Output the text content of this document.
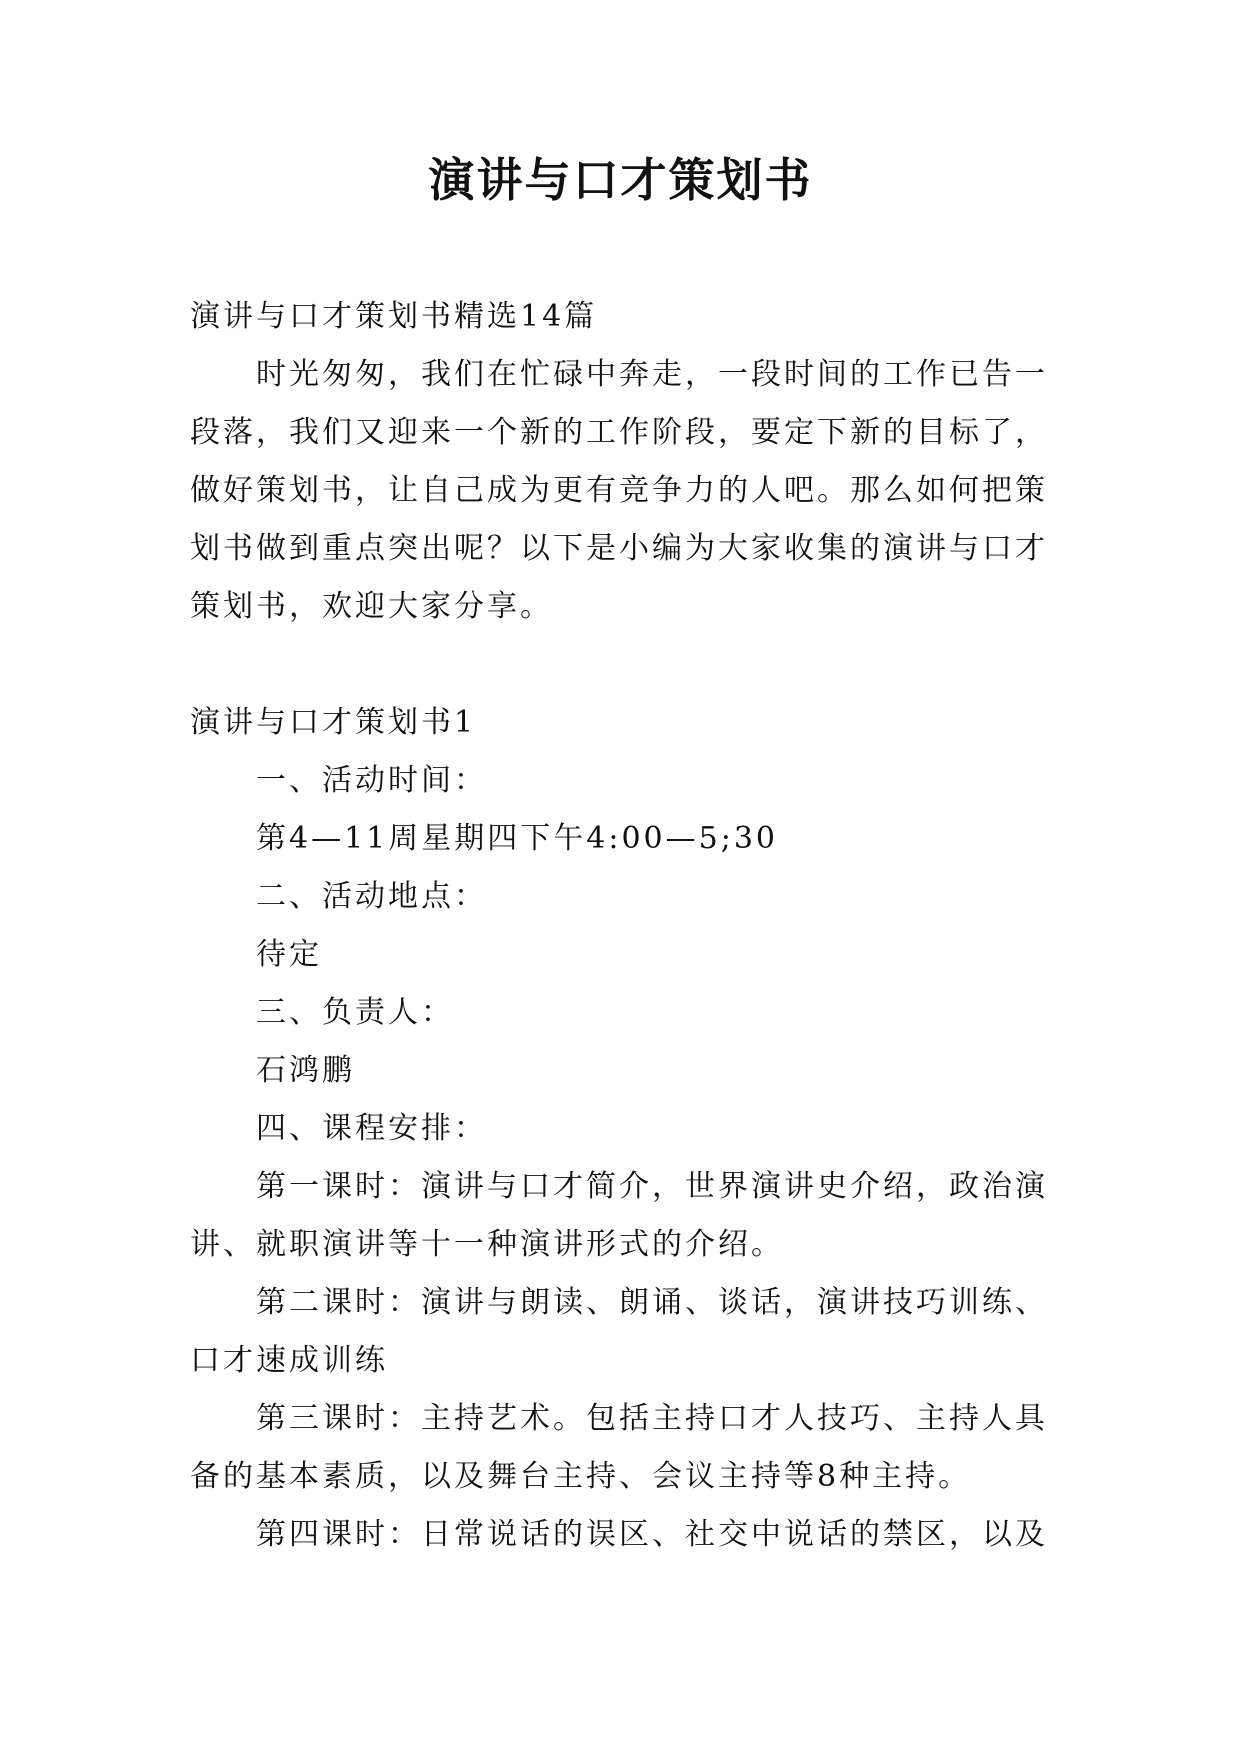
演讲与口才策划书

演讲与口才策划书精选14篇

时光匆匆，我们在忙碌中奔走，一段时间的工作已告一段落，我们又迎来一个新的工作阶段，要定下新的目标了，做好策划书，让自己成为更有竞争力的人吧。那么如何把策划书做到重点突出呢？以下是小编为大家收集的演讲与口才策划书，欢迎大家分享。

演讲与口才策划书1

一、活动时间：

第4—11周星期四下午4:00—5;30

二、活动地点：

待定

三、负责人：

石鸿鹏

四、课程安排：

第一课时：演讲与口才简介，世界演讲史介绍，政治演讲、就职演讲等十一种演讲形式的介绍。

第二课时：演讲与朗读、朗诵、谈话，演讲技巧训练、口才速成训练

第三课时：主持艺术。包括主持口才人技巧、主持人具备的基本素质，以及舞台主持、会议主持等8种主持。

第四课时：日常说话的误区、社交中说话的禁区，以及
